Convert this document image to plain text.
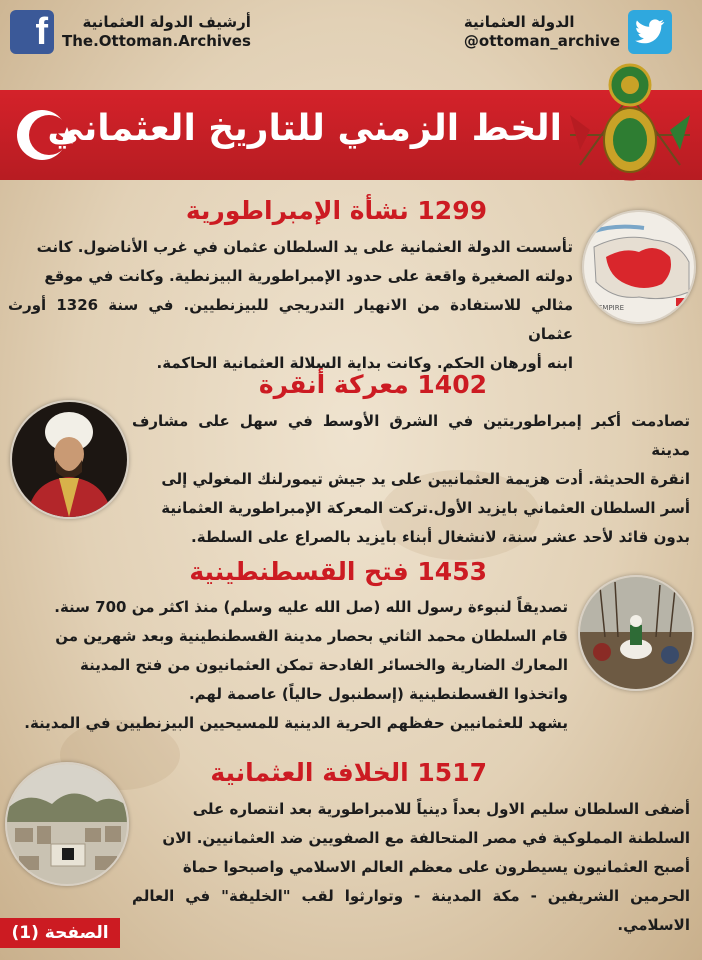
f	أرشيف الدولة العثمانية
The.Ottoman.Archives
الدولة العثمانية
@ottoman_archive
الخط الزمني للتاريخ العثماني
1299 نشأة الإمبراطورية

تأسست الدولة العثمانية على يد السلطان عثمان في غرب الأناضول. كانت

دولته الصغيرة واقعة على حدود الإمبراطورية البيزنطية. وكانت في موقع

مثالي للاستفادة من الانهيار التدريجي للبيزنطيين. في سنة 1326 أورث عثمان

ابنه أورهان الحكم. وكانت بداية السلالة العثمانية الحاكمة.

EMPIRE
1402 معركة أنقرة

تصادمت أكبر إمبراطوريتين في الشرق الأوسط في سهل على مشارف مدينة

انقرة الحديثة. أدت هزيمة العثمانيين على يد جيش تيمورلنك المغولي إلى

أسر السلطان العثماني بايزيد الأول.تركت المعركة الإمبراطورية العثمانية

بدون قائد لأحد عشر سنة، لانشغال أبناء بايزيد بالصراع على السلطة.

1453 فتح القسطنطينية

تصديقاً لنبوءة رسول الله (صل الله عليه وسلم) منذ اكثر من 700 سنة.

قام السلطان محمد الثاني بحصار مدينة القسطنطينية وبعد شهرين من

المعارك الضارية والخسائر الفادحة تمكن العثمانيون من فتح المدينة

واتخذوا القسطنطينية (إسطنبول حالياً) عاصمة لهم.

يشهد للعثمانيين حفظهم الحرية الدينية للمسيحيين البيزنطيين في المدينة.

1517 الخلافة العثمانية

أضفى السلطان سليم الاول بعداً دينياً للامبراطورية بعد انتصاره على

السلطنة المملوكية في مصر المتحالفة مع الصفويين ضد العثمانيين. الان

أصبح العثمانيون يسيطرون على معظم العالم الاسلامي واصبحوا حماة

الحرمين الشريفين - مكة المدينة - وتوارثوا لقب "الخليفة" في العالم الاسلامي.

الصفحة (1)
